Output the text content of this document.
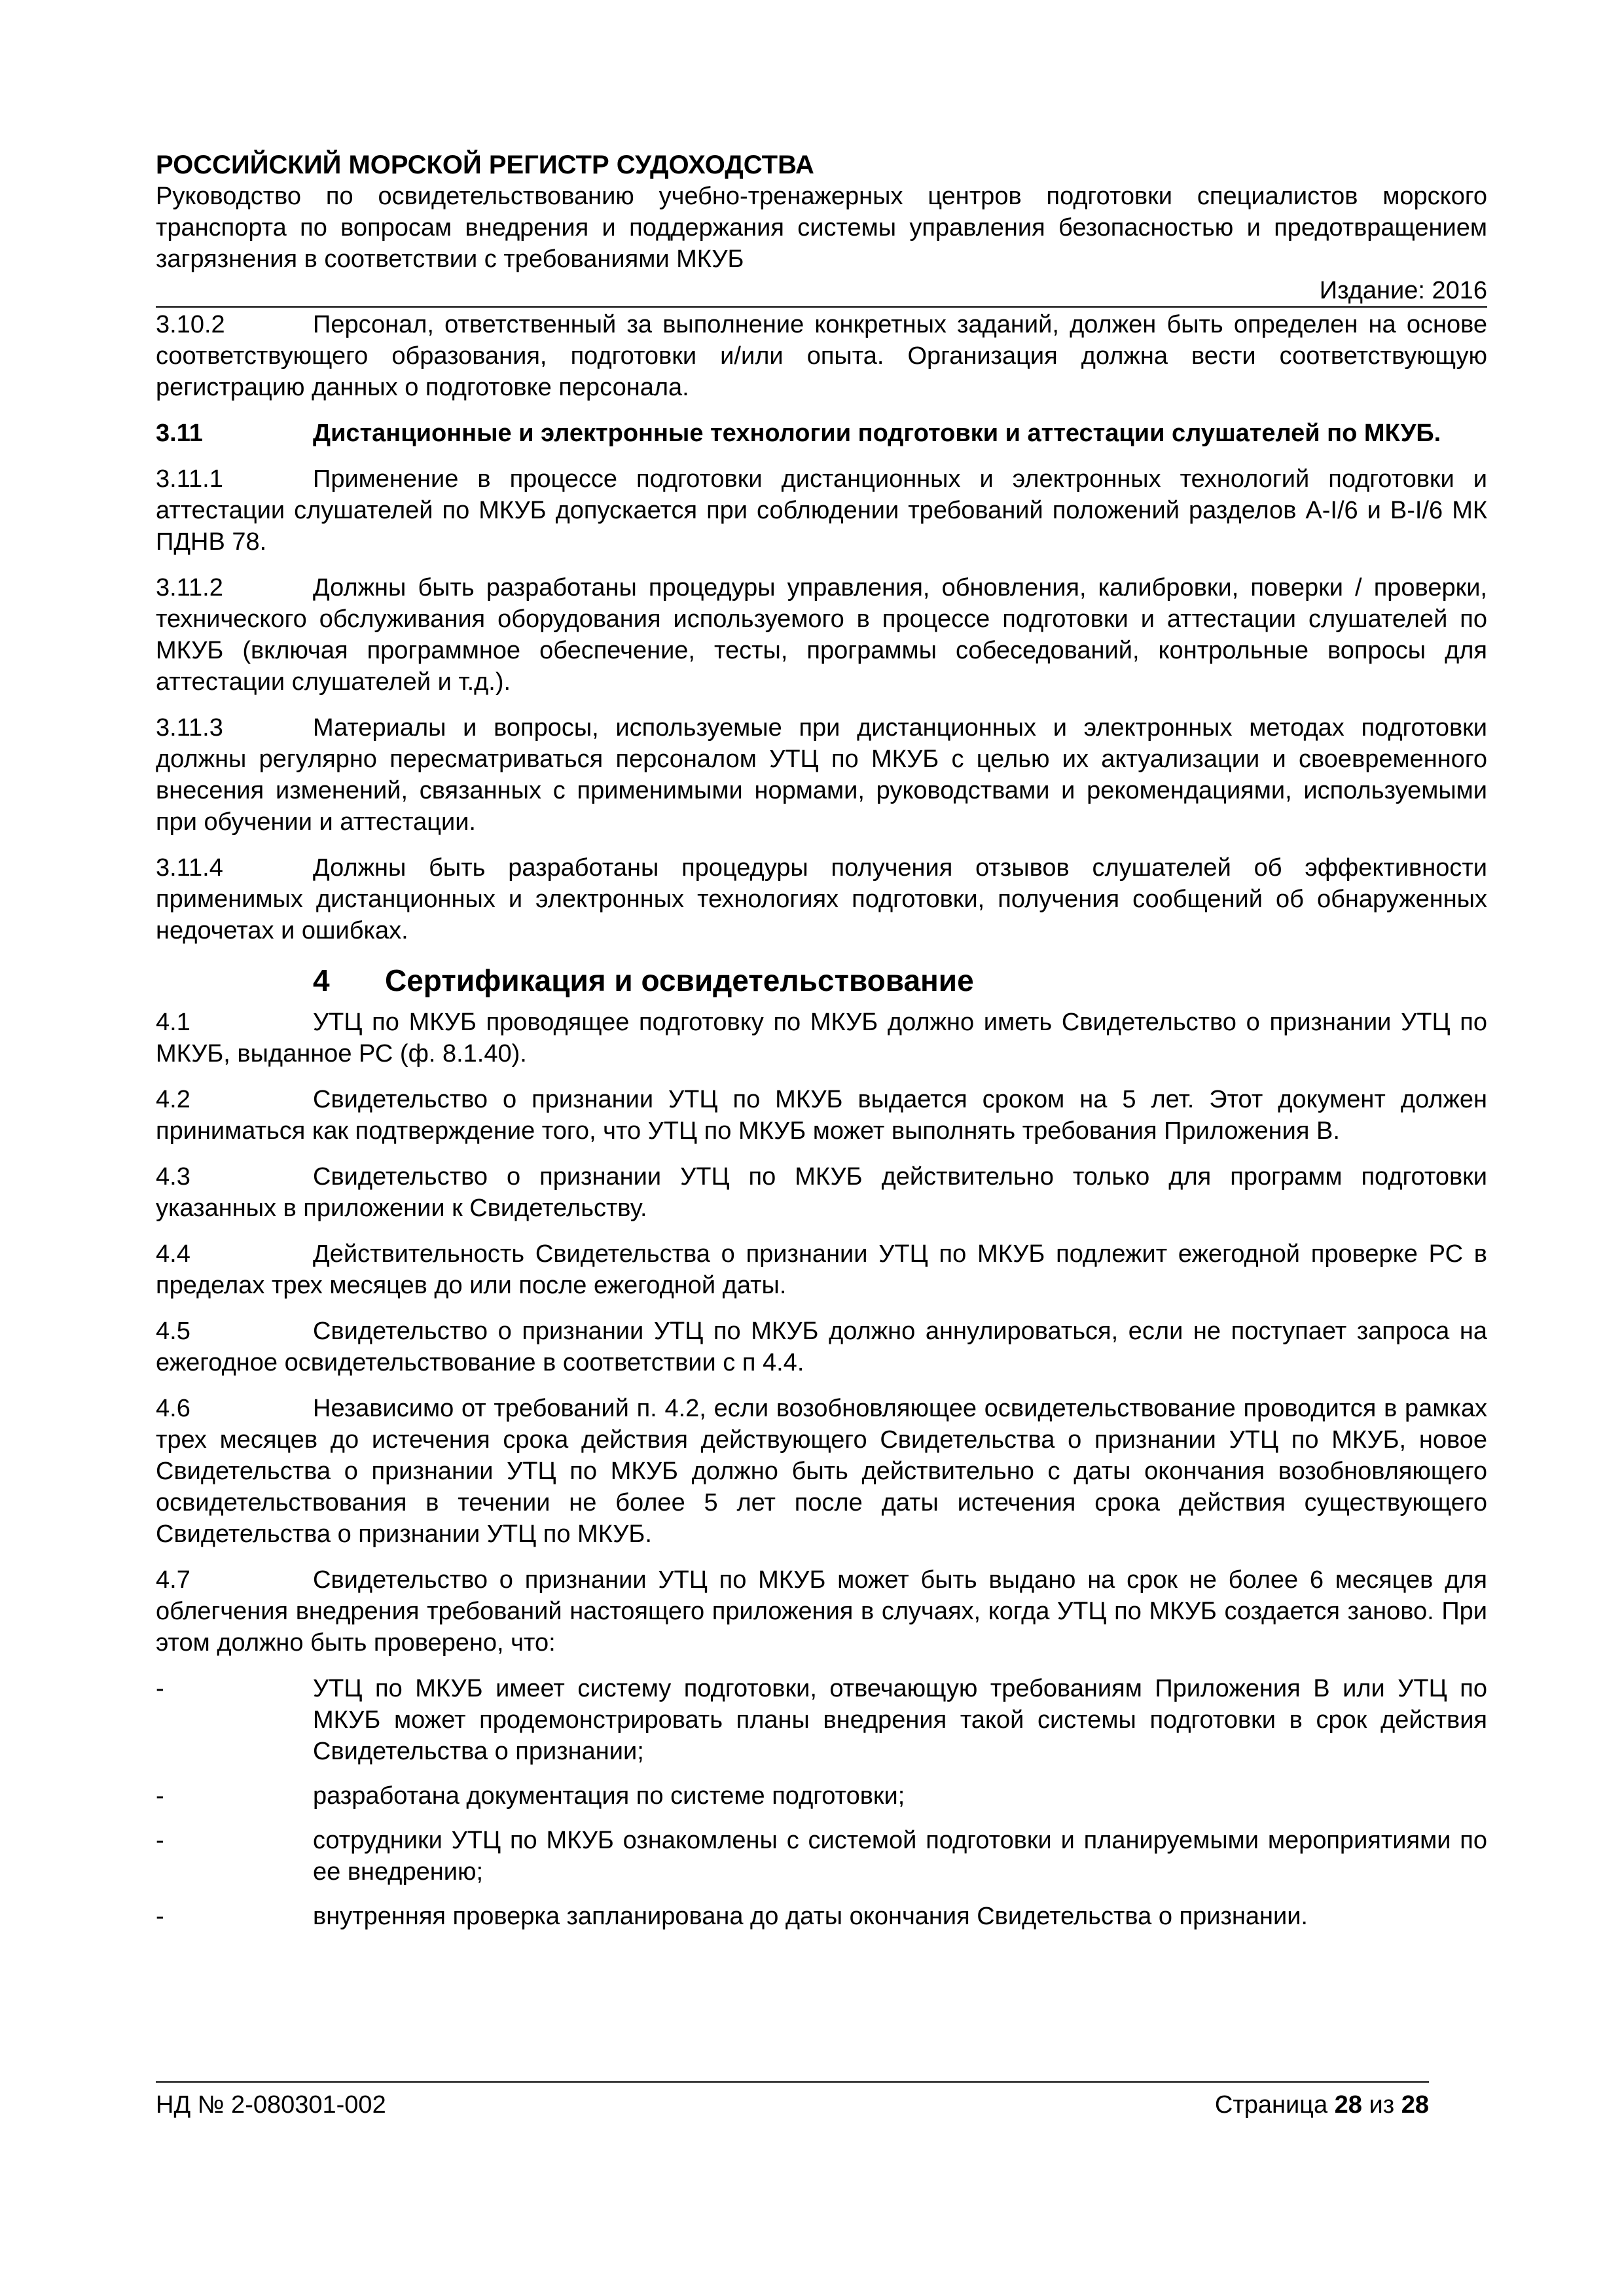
РОССИЙСКИЙ МОРСКОЙ РЕГИСТР СУДОХОДСТВА

Руководство по освидетельствованию учебно-тренажерных центров подготовки специалистов морского транспорта по вопросам внедрения и поддержания системы управления безопасностью и предотвращением загрязнения в соответствии с требованиями МКУБ

Издание: 2016

3.10.2	Персонал, ответственный за выполнение конкретных заданий, должен быть определен на основе соответствующего образования, подготовки и/или опыта. Организация должна вести соответствующую регистрацию данных о подготовке персонала.

3.11	Дистанционные и электронные технологии подготовки и аттестации слушателей по МКУБ.

3.11.1	Применение в процессе подготовки дистанционных и электронных технологий подготовки и аттестации слушателей по МКУБ допускается при соблюдении требований положений разделов A-I/6 и B-I/6 МК ПДНВ 78.

3.11.2	Должны быть разработаны процедуры управления, обновления, калибровки, поверки / проверки, технического обслуживания оборудования используемого в процессе подготовки и аттестации слушателей по МКУБ (включая программное обеспечение, тесты, программы собеседований, контрольные вопросы для аттестации слушателей и т.д.).

3.11.3	Материалы и вопросы, используемые при дистанционных и электронных методах подготовки должны регулярно пересматриваться персоналом УТЦ по МКУБ с целью их актуализации и своевременного внесения изменений, связанных с применимыми нормами, руководствами и рекомендациями, используемыми при обучении и аттестации.

3.11.4	Должны быть разработаны процедуры получения отзывов слушателей об эффективности применимых дистанционных и электронных технологиях подготовки, получения сообщений об обнаруженных недочетах и ошибках.

4 Сертификация и освидетельствование

4.1	УТЦ по МКУБ проводящее подготовку по МКУБ должно иметь Свидетельство о признании УТЦ по МКУБ, выданное РС (ф. 8.1.40).

4.2	Свидетельство о признании УТЦ по МКУБ выдается сроком на 5 лет. Этот документ должен приниматься как подтверждение того, что УТЦ по МКУБ может выполнять требования Приложения В.

4.3	Свидетельство о признании УТЦ по МКУБ действительно только для программ подготовки указанных в приложении к Свидетельству.

4.4	Действительность Свидетельства о признании УТЦ по МКУБ подлежит ежегодной проверке РС в пределах трех месяцев до или после ежегодной даты.

4.5	Свидетельство о признании УТЦ по МКУБ должно аннулироваться, если не поступает запроса на ежегодное освидетельствование в соответствии с п 4.4.

4.6	Независимо от требований п. 4.2, если возобновляющее освидетельствование проводится в рамках трех месяцев до истечения срока действия действующего Свидетельства о признании УТЦ по МКУБ, новое Свидетельства о признании УТЦ по МКУБ должно быть действительно с даты окончания возобновляющего освидетельствования в течении не более 5 лет после даты истечения срока действия существующего Свидетельства о признании УТЦ по МКУБ.

4.7	Свидетельство о признании УТЦ по МКУБ может быть выдано на срок не более 6 месяцев для облегчения внедрения требований настоящего приложения в случаях, когда УТЦ по МКУБ создается заново. При этом должно быть проверено, что:

-	УТЦ по МКУБ имеет систему подготовки, отвечающую требованиям Приложения В или УТЦ по МКУБ может продемонстрировать планы внедрения такой системы подготовки в срок действия Свидетельства о признании;

-	разработана документация по системе подготовки;

-	сотрудники УТЦ по МКУБ ознакомлены с системой подготовки и планируемыми мероприятиями по ее внедрению;

-	внутренняя проверка запланирована до даты окончания Свидетельства о признании.

НД № 2-080301-002	Страница 28 из 28
